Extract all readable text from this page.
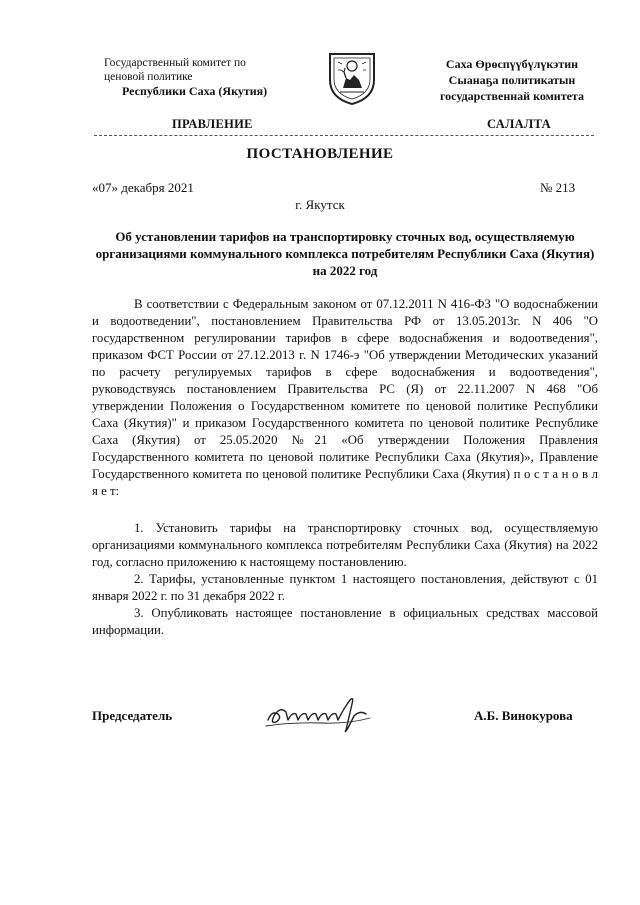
Государственный комитет по
ценовой политике
Республики Саха (Якутия)
Саха Өрөспүүбүлүкэтин
Сыанаҕа политикатын
государственнай комитета
ПРАВЛЕНИЕ	САЛАЛТА
ПОСТАНОВЛЕНИЕ
«07» декабря 2021	№ 213
г. Якутск
Об установлении тарифов на транспортировку сточных вод, осуществляемую организациями коммунального комплекса потребителям Республики Саха (Якутия) на 2022 год

В соответствии с Федеральным законом от 07.12.2011 N 416-ФЗ "О водоснабжении и водоотведении", постановлением Правительства РФ от 13.05.2013г. N 406 "О государственном регулировании тарифов в сфере водоснабжения и водоотведения", приказом ФСТ России от 27.12.2013 г. N 1746-э "Об утверждении Методических указаний по расчету регулируемых тарифов в сфере водоснабжения и водоотведения", руководствуясь постановлением Правительства РС (Я) от 22.11.2007 N 468 "Об утверждении Положения о Государственном комитете по ценовой политике Республики Саха (Якутия)" и приказом Государственного комитета по ценовой политике Республике Саха (Якутия) от 25.05.2020 №21 «Об утверждении Положения Правления Государственного комитета по ценовой политике Республики Саха (Якутия)», Правление Государственного комитета по ценовой политике Республики Саха (Якутия) п о с т а н о в л я е т:

1. Установить тарифы на транспортировку сточных вод, осуществляемую организациями коммунального комплекса потребителям Республики Саха (Якутия) на 2022 год, согласно приложению к настоящему постановлению.

2. Тарифы, установленные пунктом 1 настоящего постановления, действуют с 01 января 2022 г. по 31 декабря 2022 г.

3. Опубликовать настоящее постановление в официальных средствах массовой информации.

Председатель	А.Б. Винокурова
